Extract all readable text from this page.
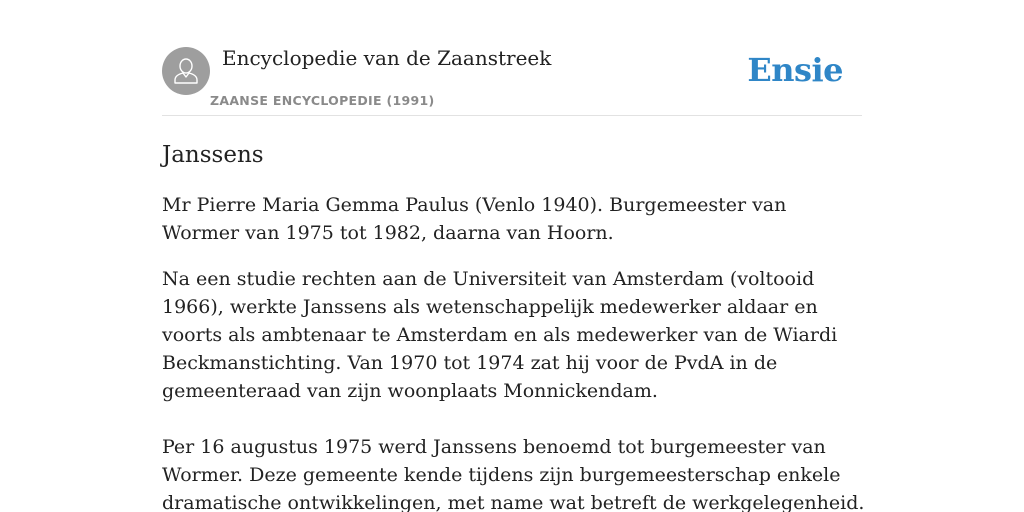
Encyclopedie van de Zaanstreek
ZAANSE ENCYCLOPEDIE (1991)
Ensie
Janssens

Mr Pierre Maria Gemma Paulus (Venlo 1940). Burgemeester van Wormer van 1975 tot 1982, daarna van Hoorn.

Na een studie rechten aan de Universiteit van Amsterdam (voltooid 1966), werkte Janssens als wetenschappelijk medewerker aldaar en voorts als ambtenaar te Amsterdam en als medewerker van de Wiardi Beckmanstichting. Van 1970 tot 1974 zat hij voor de PvdA in de gemeenteraad van zijn woonplaats Monnickendam.

Per 16 augustus 1975 werd Janssens benoemd tot burgemeester van Wormer. Deze gemeente kende tijdens zijn burgemeesterschap enkele dramatische ontwikkelingen, met name wat betreft de werkgelegenheid.
